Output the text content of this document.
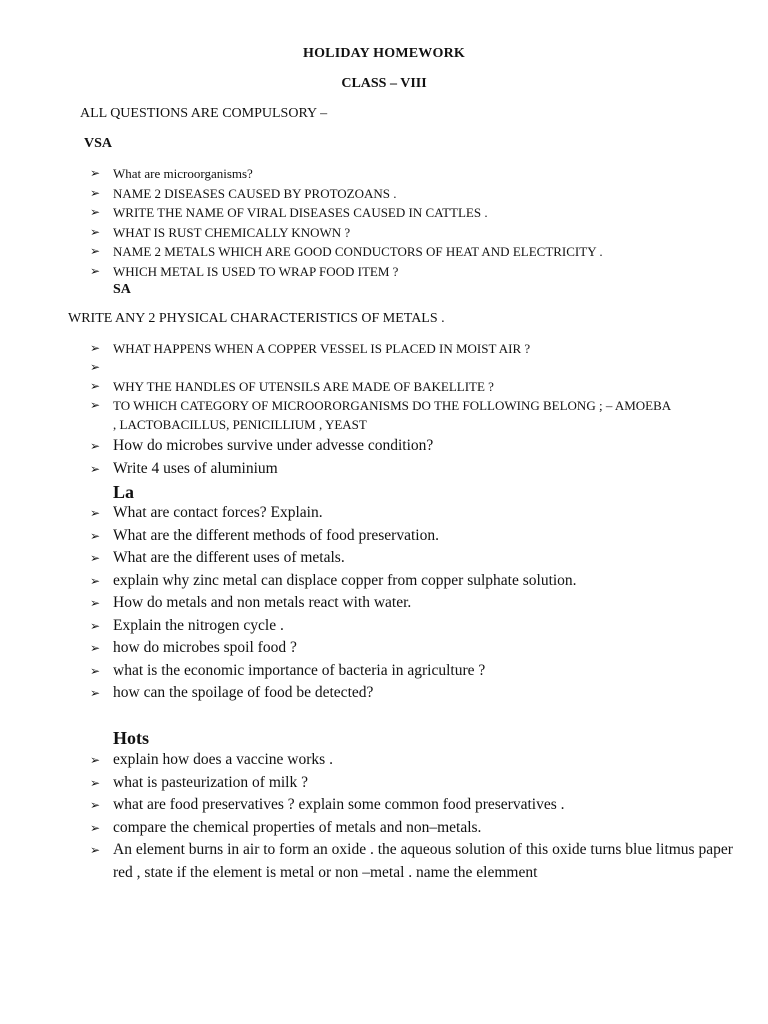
HOLIDAY HOMEWORK
CLASS – VIII
ALL QUESTIONS ARE COMPULSORY –
VSA
➢ What are microorganisms?
➢ NAME 2 DISEASES CAUSED BY PROTOZOANS .
➢ WRITE THE NAME OF VIRAL DISEASES CAUSED IN CATTLES .
➢ WHAT IS RUST CHEMICALLY KNOWN ?
➢ NAME 2 METALS WHICH ARE GOOD CONDUCTORS OF HEAT AND ELECTRICITY .
➢ WHICH METAL IS USED TO WRAP FOOD ITEM ?
SA
WRITE ANY 2 PHYSICAL CHARACTERISTICS OF METALS .
➢ WHAT HAPPENS WHEN A COPPER VESSEL IS PLACED IN MOIST AIR ?
➢
➢ WHY THE HANDLES OF UTENSILS ARE MADE OF BAKELLITE ?
➢ TO WHICH CATEGORY OF MICROORORGANISMS DO THE FOLLOWING BELONG ; – AMOEBA , LACTOBACILLUS, PENICILLIUM , YEAST
➢ How do microbes survive under advesse condition?
➢ Write 4 uses of aluminium
La
➢ What are contact forces? Explain.
➢ What are the different methods of food preservation.
➢ What are the different uses of metals.
➢ explain why zinc metal can displace copper from copper sulphate solution.
➢ How do metals and non metals react with water.
➢ Explain the nitrogen cycle .
➢ how do microbes spoil food ?
➢ what is the economic importance of bacteria in agriculture ?
➢ how can the spoilage of food be detected?
Hots
➢ explain how does a vaccine works .
➢ what is pasteurization of milk ?
➢ what are food preservatives ? explain some common food preservatives .
➢ compare the chemical properties of metals and non–metals.
➢ An element burns in air to form an oxide . the aqueous solution of this oxide turns blue litmus paper red , state if the element is metal or non –metal . name the elemment
